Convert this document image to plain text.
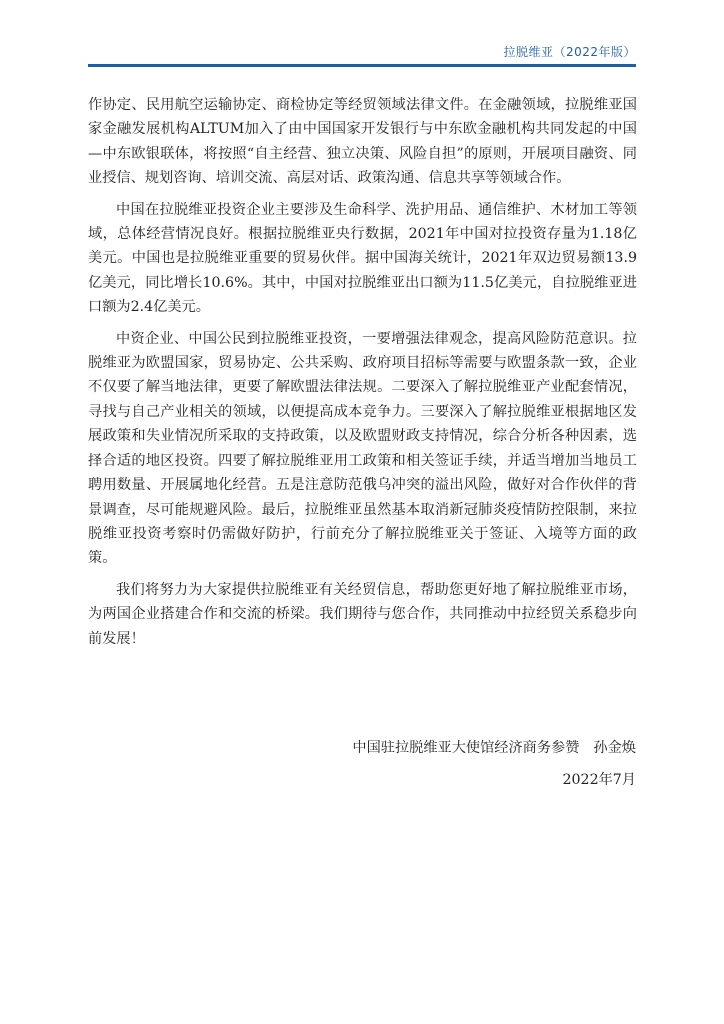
拉脱维亚（2022年版）

作协定、民用航空运输协定、商检协定等经贸领域法律文件。在金融领域，拉脱维亚国家金融发展机构ALTUM加入了由中国国家开发银行与中东欧金融机构共同发起的中国—中东欧银联体，将按照“自主经营、独立决策、风险自担”的原则，开展项目融资、同业授信、规划咨询、培训交流、高层对话、政策沟通、信息共享等领域合作。

中国在拉脱维亚投资企业主要涉及生命科学、洗护用品、通信维护、木材加工等领域，总体经营情况良好。根据拉脱维亚央行数据，2021年中国对拉投资存量为1.18亿美元。中国也是拉脱维亚重要的贸易伙伴。据中国海关统计，2021年双边贸易额13.9亿美元，同比增长10.6%。其中，中国对拉脱维亚出口额为11.5亿美元，自拉脱维亚进口额为2.4亿美元。

中资企业、中国公民到拉脱维亚投资，一要增强法律观念，提高风险防范意识。拉脱维亚为欧盟国家，贸易协定、公共采购、政府项目招标等需要与欧盟条款一致，企业不仅要了解当地法律，更要了解欧盟法律法规。二要深入了解拉脱维亚产业配套情况，寻找与自己产业相关的领域，以便提高成本竞争力。三要深入了解拉脱维亚根据地区发展政策和失业情况所采取的支持政策，以及欧盟财政支持情况，综合分析各种因素，选择合适的地区投资。四要了解拉脱维亚用工政策和相关签证手续，并适当增加当地员工聘用数量、开展属地化经营。五是注意防范俄乌冲突的溢出风险，做好对合作伙伴的背景调查，尽可能规避风险。最后，拉脱维亚虽然基本取消新冠肺炎疫情防控限制，来拉脱维亚投资考察时仍需做好防护，行前充分了解拉脱维亚关于签证、入境等方面的政策。

我们将努力为大家提供拉脱维亚有关经贸信息，帮助您更好地了解拉脱维亚市场，为两国企业搭建合作和交流的桥梁。我们期待与您合作，共同推动中拉经贸关系稳步向前发展！

中国驻拉脱维亚大使馆经济商务参赞 孙金焕
2022年7月
